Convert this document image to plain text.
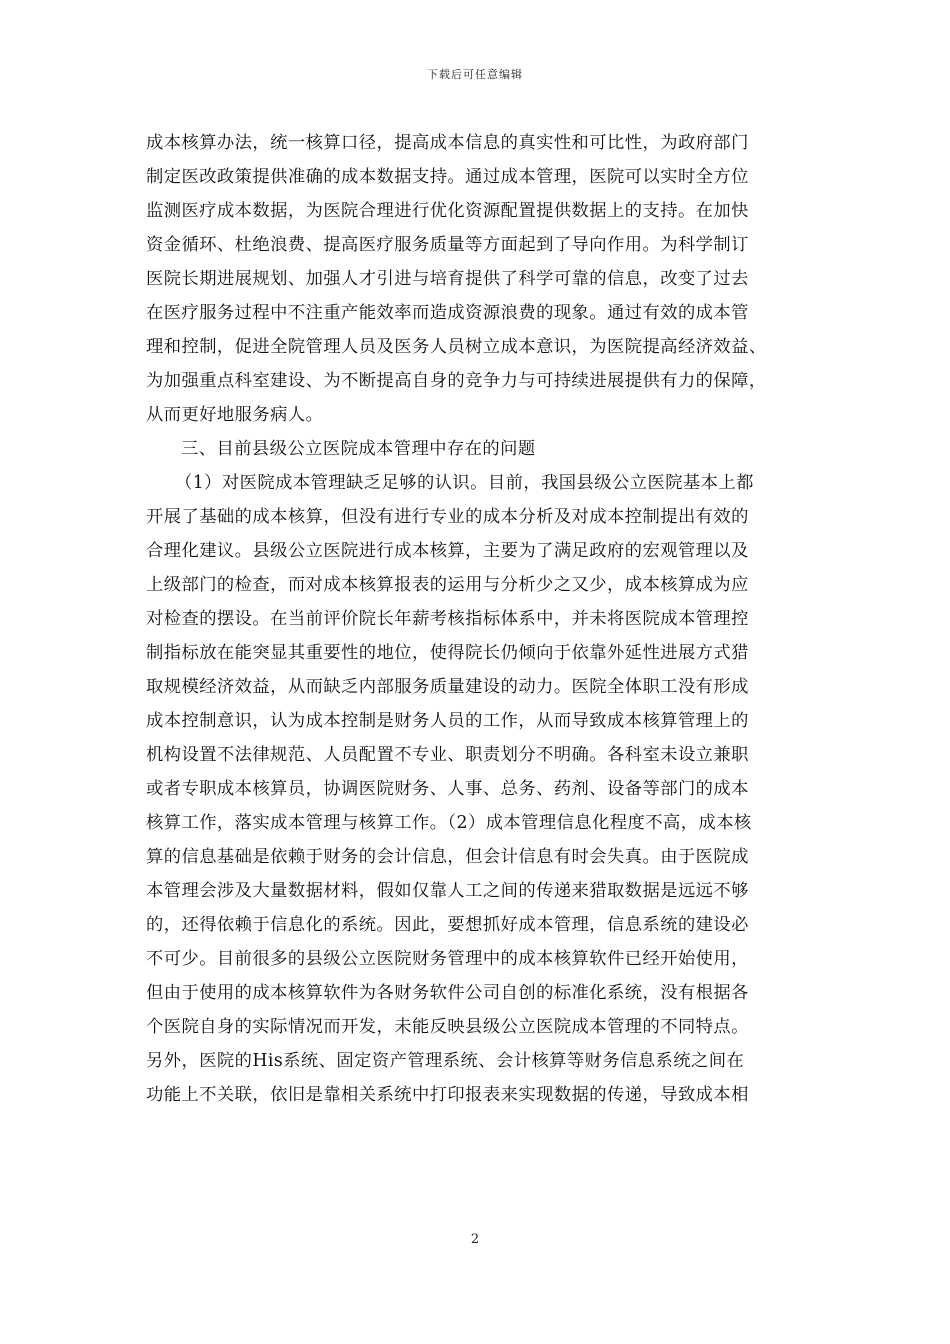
下载后可任意编辑
成本核算办法，统一核算口径，提高成本信息的真实性和可比性，为政府部门
制定医改政策提供准确的成本数据支持。通过成本管理，医院可以实时全方位
监测医疗成本数据，为医院合理进行优化资源配置提供数据上的支持。在加快
资金循环、杜绝浪费、提高医疗服务质量等方面起到了导向作用。为科学制订
医院长期进展规划、加强人才引进与培育提供了科学可靠的信息，改变了过去
在医疗服务过程中不注重产能效率而造成资源浪费的现象。通过有效的成本管
理和控制，促进全院管理人员及医务人员树立成本意识，为医院提高经济效益、
为加强重点科室建设、为不断提高自身的竞争力与可持续进展提供有力的保障，
从而更好地服务病人。
三、目前县级公立医院成本管理中存在的问题
（1）对医院成本管理缺乏足够的认识。目前，我国县级公立医院基本上都
开展了基础的成本核算，但没有进行专业的成本分析及对成本控制提出有效的
合理化建议。县级公立医院进行成本核算，主要为了满足政府的宏观管理以及
上级部门的检查，而对成本核算报表的运用与分析少之又少，成本核算成为应
对检查的摆设。在当前评价院长年薪考核指标体系中，并未将医院成本管理控
制指标放在能突显其重要性的地位，使得院长仍倾向于依靠外延性进展方式猎
取规模经济效益，从而缺乏内部服务质量建设的动力。医院全体职工没有形成
成本控制意识，认为成本控制是财务人员的工作，从而导致成本核算管理上的
机构设置不法律规范、人员配置不专业、职责划分不明确。各科室未设立兼职
或者专职成本核算员，协调医院财务、人事、总务、药剂、设备等部门的成本
核算工作，落实成本管理与核算工作。（2）成本管理信息化程度不高，成本核
算的信息基础是依赖于财务的会计信息，但会计信息有时会失真。由于医院成
本管理会涉及大量数据材料，假如仅靠人工之间的传递来猎取数据是远远不够
的，还得依赖于信息化的系统。因此，要想抓好成本管理，信息系统的建设必
不可少。目前很多的县级公立医院财务管理中的成本核算软件已经开始使用，
但由于使用的成本核算软件为各财务软件公司自创的标准化系统，没有根据各
个医院自身的实际情况而开发，未能反映县级公立医院成本管理的不同特点。
另外，医院的His系统、固定资产管理系统、会计核算等财务信息系统之间在
功能上不关联，依旧是靠相关系统中打印报表来实现数据的传递，导致成本相
2
